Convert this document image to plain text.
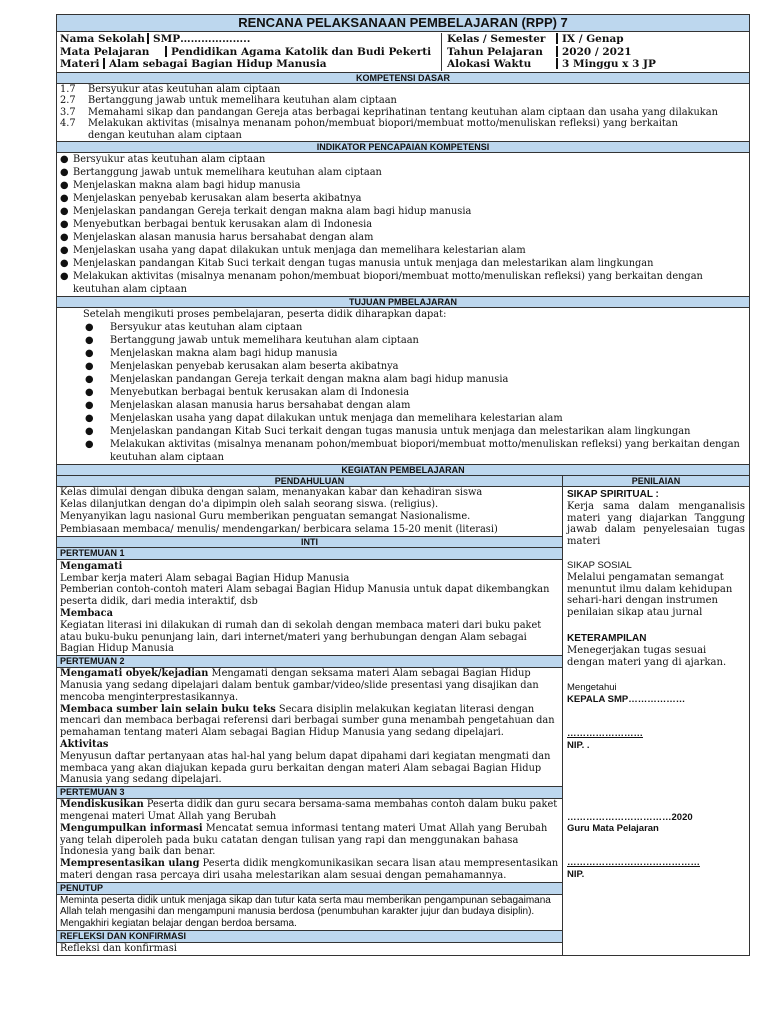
RENCANA PELAKSANAAN PEMBELAJARAN (RPP) 7
Nama Sekolah SMP………………..
Mata Pelajaran	Pendidikan Agama Katolik dan Budi Pekerti
Materi Alam sebagai Bagian Hidup Manusia
Kelas / Semester	IX / Genap
Tahun Pelajaran	2020 / 2021
Alokasi Waktu	3 Minggu x 3 JP
KOMPETENSI DASAR
1.7	Bersyukur atas keutuhan alam ciptaan
2.7	Bertanggung jawab untuk memelihara keutuhan alam ciptaan
3.7	Memahami sikap dan pandangan Gereja atas berbagai keprihatinan tentang keutuhan alam ciptaan dan usaha yang dilakukan
4.7	Melakukan aktivitas (misalnya menanam pohon/membuat biopori/membuat motto/menuliskan refleksi) yang berkaitan
dengan keutuhan alam ciptaan
INDIKATOR PENCAPAIAN KOMPETENSI
● Bersyukur atas keutuhan alam ciptaan
● Bertanggung jawab untuk memelihara keutuhan alam ciptaan
● Menjelaskan makna alam bagi hidup manusia
● Menjelaskan penyebab kerusakan alam beserta akibatnya
● Menjelaskan pandangan Gereja terkait dengan makna alam bagi hidup manusia
● Menyebutkan berbagai bentuk kerusakan alam di Indonesia
● Menjelaskan alasan manusia harus bersahabat dengan alam
● Menjelaskan usaha yang dapat dilakukan untuk menjaga dan memelihara kelestarian alam
● Menjelaskan pandangan Kitab Suci terkait dengan tugas manusia untuk menjaga dan melestarikan alam lingkungan
● Melakukan aktivitas (misalnya menanam pohon/membuat biopori/membuat motto/menuliskan refleksi) yang berkaitan dengan keutuhan alam ciptaan
TUJUAN PMBELAJARAN
Setelah mengikuti proses pembelajaran, peserta didik diharapkan dapat:
●	Bersyukur atas keutuhan alam ciptaan
●	Bertanggung jawab untuk memelihara keutuhan alam ciptaan
●	Menjelaskan makna alam bagi hidup manusia
●	Menjelaskan penyebab kerusakan alam beserta akibatnya
●	Menjelaskan pandangan Gereja terkait dengan makna alam bagi hidup manusia
●	Menyebutkan berbagai bentuk kerusakan alam di Indonesia
●	Menjelaskan alasan manusia harus bersahabat dengan alam
●	Menjelaskan usaha yang dapat dilakukan untuk menjaga dan memelihara kelestarian alam
●	Menjelaskan pandangan Kitab Suci terkait dengan tugas manusia untuk menjaga dan melestarikan alam lingkungan
●	Melakukan aktivitas (misalnya menanam pohon/membuat biopori/membuat motto/menuliskan refleksi) yang berkaitan dengan keutuhan alam ciptaan
KEGIATAN PEMBELAJARAN
PENDAHULUAN
Kelas dimulai dengan dibuka dengan salam, menanyakan kabar dan kehadiran siswa
Kelas dilanjutkan dengan do'a dipimpin oleh salah seorang siswa. (religius).
Menyanyikan lagu nasional Guru memberikan penguatan semangat Nasionalisme.
Pembiasaan membaca/ menulis/ mendengarkan/ berbicara selama 15-20 menit (literasi)
INTI
PERTEMUAN 1
Mengamati
Lembar kerja materi Alam sebagai Bagian Hidup Manusia
Pemberian contoh-contoh materi Alam sebagai Bagian Hidup Manusia untuk dapat dikembangkan peserta didik, dari media interaktif, dsb
Membaca
Kegiatan literasi ini dilakukan di rumah dan di sekolah dengan membaca materi dari buku paket atau buku-buku penunjang lain, dari internet/materi yang berhubungan dengan Alam sebagai Bagian Hidup Manusia
PERTEMUAN 2
Mengamati obyek/kejadian Mengamati dengan seksama materi Alam sebagai Bagian Hidup Manusia yang sedang dipelajari dalam bentuk gambar/video/slide presentasi yang disajikan dan mencoba menginterprestasikannya.
Membaca sumber lain selain buku teks Secara disiplin melakukan kegiatan literasi dengan mencari dan membaca berbagai referensi dari berbagai sumber guna menambah pengetahuan dan pemahaman tentang materi Alam sebagai Bagian Hidup Manusia yang sedang dipelajari.
Aktivitas
Menyusun daftar pertanyaan atas hal-hal yang belum dapat dipahami dari kegiatan mengmati dan membaca yang akan diajukan kepada guru berkaitan dengan materi Alam sebagai Bagian Hidup Manusia yang sedang dipelajari.
PERTEMUAN 3
Mendiskusikan Peserta didik dan guru secara bersama-sama membahas contoh dalam buku paket mengenai materi Umat Allah yang Berubah
Mengumpulkan informasi Mencatat semua informasi tentang materi Umat Allah yang Berubah yang telah diperoleh pada buku catatan dengan tulisan yang rapi dan menggunakan bahasa Indonesia yang baik dan benar.
Mempresentasikan ulang Peserta didik mengkomunikasikan secara lisan atau mempresentasikan materi dengan rasa percaya diri usaha melestarikan alam sesuai dengan pemahamannya.
PENUTUP
Meminta peserta didik untuk menjaga sikap dan tutur kata serta mau memberikan pengampunan sebagaimana Allah telah mengasihi dan mengampuni manusia berdosa (penumbuhan karakter jujur dan budaya disiplin). Mengakhiri kegiatan belajar dengan berdoa bersama.
REFLEKSI DAN KONFIRMASI
Refleksi dan konfirmasi
PENILAIAN
SIKAP SPIRITUAL :
Kerja sama dalam menganalisis materi yang diajarkan Tanggung jawab dalam penyelesaian tugas materi
SIKAP SOSIAL
Melalui pengamatan semangat menuntut ilmu dalam kehidupan sehari-hari dengan instrumen penilaian sikap atau jurnal
KETERAMPILAN
Menegerjakan tugas sesuai dengan materi yang di ajarkan.
Mengetahui
KEPALA SMP………………
……………………
NIP. .
……………………………2020
Guru Mata Pelajaran
……………………………………
NIP.
